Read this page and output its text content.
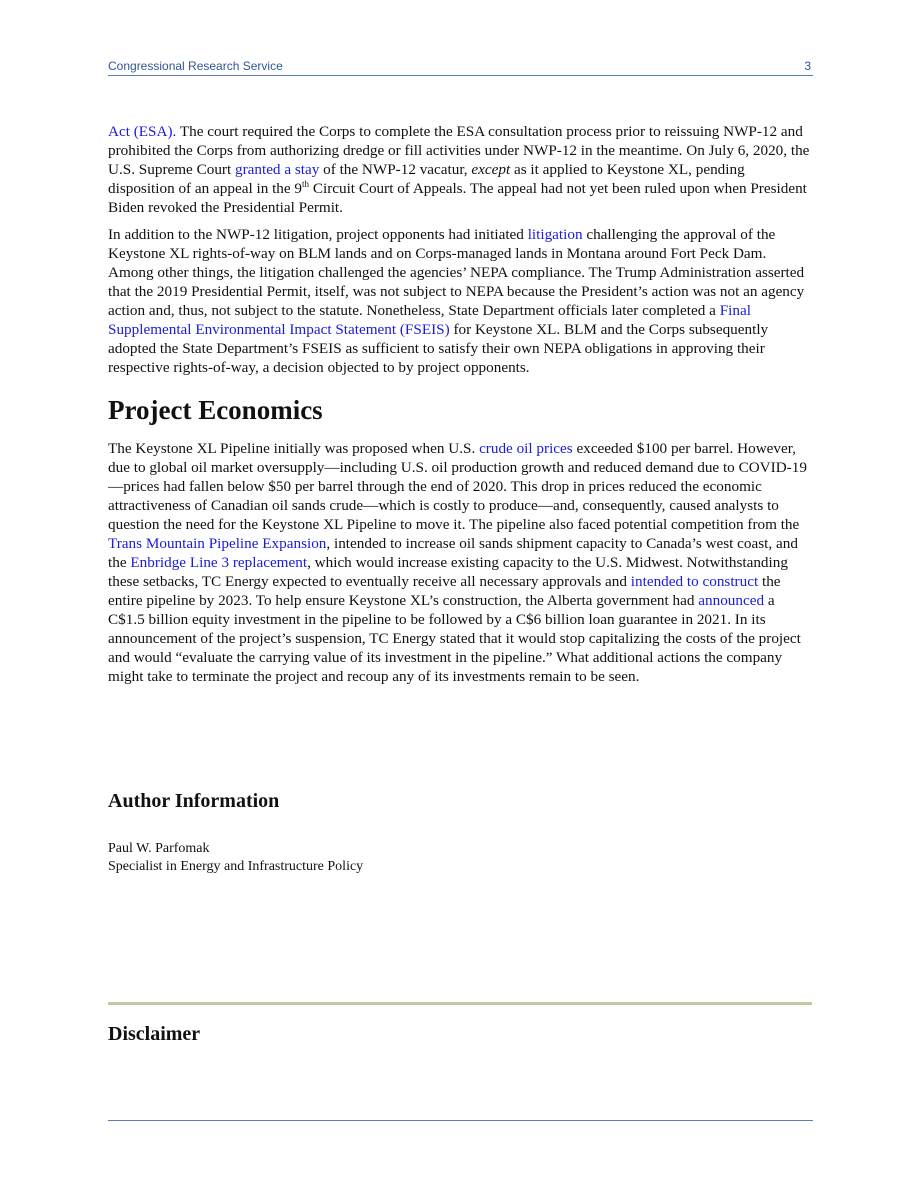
Congressional Research Service	3

Act (ESA). The court required the Corps to complete the ESA consultation process prior to reissuing NWP-12 and prohibited the Corps from authorizing dredge or fill activities under NWP-12 in the meantime. On July 6, 2020, the U.S. Supreme Court granted a stay of the NWP-12 vacatur, except as it applied to Keystone XL, pending disposition of an appeal in the 9th Circuit Court of Appeals. The appeal had not yet been ruled upon when President Biden revoked the Presidential Permit.

In addition to the NWP-12 litigation, project opponents had initiated litigation challenging the approval of the Keystone XL rights-of-way on BLM lands and on Corps-managed lands in Montana around Fort Peck Dam. Among other things, the litigation challenged the agencies’ NEPA compliance. The Trump Administration asserted that the 2019 Presidential Permit, itself, was not subject to NEPA because the President’s action was not an agency action and, thus, not subject to the statute. Nonetheless, State Department officials later completed a Final Supplemental Environmental Impact Statement (FSEIS) for Keystone XL. BLM and the Corps subsequently adopted the State Department’s FSEIS as sufficient to satisfy their own NEPA obligations in approving their respective rights-of-way, a decision objected to by project opponents.

Project Economics

The Keystone XL Pipeline initially was proposed when U.S. crude oil prices exceeded $100 per barrel. However, due to global oil market oversupply—including U.S. oil production growth and reduced demand due to COVID-19—prices had fallen below $50 per barrel through the end of 2020. This drop in prices reduced the economic attractiveness of Canadian oil sands crude—which is costly to produce—and, consequently, caused analysts to question the need for the Keystone XL Pipeline to move it. The pipeline also faced potential competition from the Trans Mountain Pipeline Expansion, intended to increase oil sands shipment capacity to Canada’s west coast, and the Enbridge Line 3 replacement, which would increase existing capacity to the U.S. Midwest. Notwithstanding these setbacks, TC Energy expected to eventually receive all necessary approvals and intended to construct the entire pipeline by 2023. To help ensure Keystone XL’s construction, the Alberta government had announced a C$1.5 billion equity investment in the pipeline to be followed by a C$6 billion loan guarantee in 2021. In its announcement of the project’s suspension, TC Energy stated that it would stop capitalizing the costs of the project and would “evaluate the carrying value of its investment in the pipeline.” What additional actions the company might take to terminate the project and recoup any of its investments remain to be seen.

Author Information
Paul W. Parfomak
Specialist in Energy and Infrastructure Policy
Disclaimer
